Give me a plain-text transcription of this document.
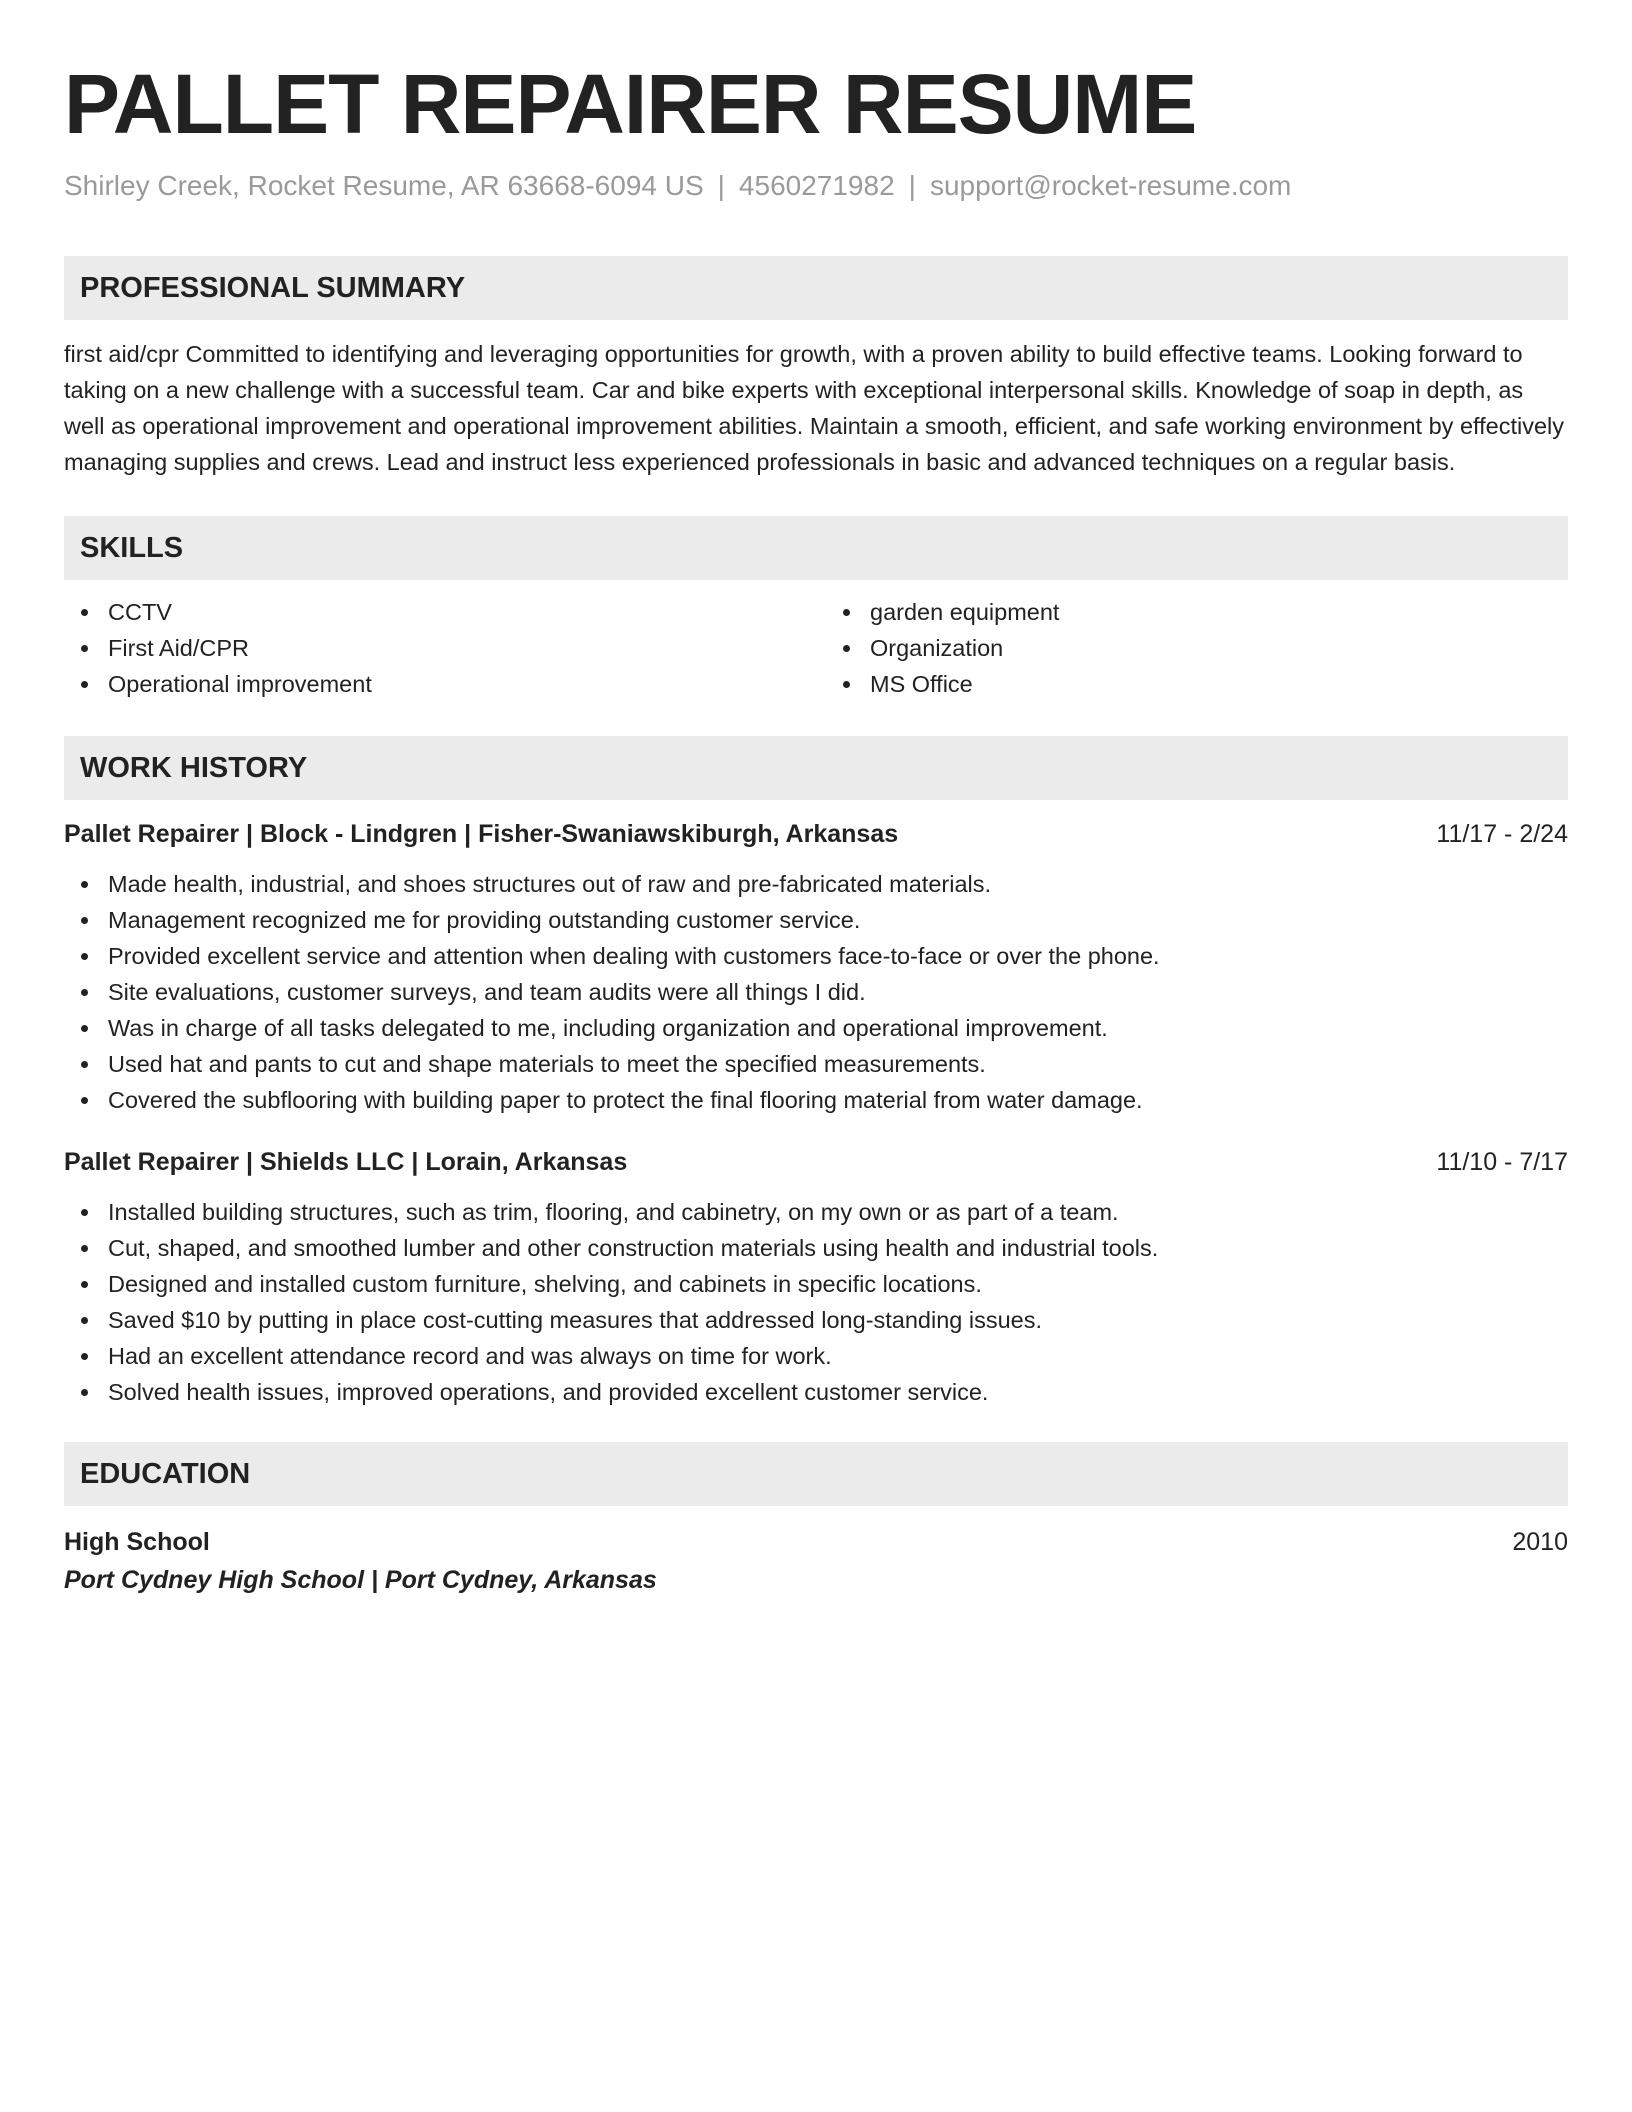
PALLET REPAIRER RESUME
Shirley Creek, Rocket Resume, AR 63668-6094 US | 4560271982 | support@rocket-resume.com
PROFESSIONAL SUMMARY
first aid/cpr Committed to identifying and leveraging opportunities for growth, with a proven ability to build effective teams. Looking forward to taking on a new challenge with a successful team. Car and bike experts with exceptional interpersonal skills. Knowledge of soap in depth, as well as operational improvement and operational improvement abilities. Maintain a smooth, efficient, and safe working environment by effectively managing supplies and crews. Lead and instruct less experienced professionals in basic and advanced techniques on a regular basis.
SKILLS
CCTV
First Aid/CPR
Operational improvement
garden equipment
Organization
MS Office
WORK HISTORY
Pallet Repairer | Block - Lindgren | Fisher-Swaniawskiburgh, Arkansas	11/17 - 2/24
Made health, industrial, and shoes structures out of raw and pre-fabricated materials.
Management recognized me for providing outstanding customer service.
Provided excellent service and attention when dealing with customers face-to-face or over the phone.
Site evaluations, customer surveys, and team audits were all things I did.
Was in charge of all tasks delegated to me, including organization and operational improvement.
Used hat and pants to cut and shape materials to meet the specified measurements.
Covered the subflooring with building paper to protect the final flooring material from water damage.
Pallet Repairer | Shields LLC | Lorain, Arkansas	11/10 - 7/17
Installed building structures, such as trim, flooring, and cabinetry, on my own or as part of a team.
Cut, shaped, and smoothed lumber and other construction materials using health and industrial tools.
Designed and installed custom furniture, shelving, and cabinets in specific locations.
Saved $10 by putting in place cost-cutting measures that addressed long-standing issues.
Had an excellent attendance record and was always on time for work.
Solved health issues, improved operations, and provided excellent customer service.
EDUCATION
High School	2010
Port Cydney High School | Port Cydney, Arkansas
